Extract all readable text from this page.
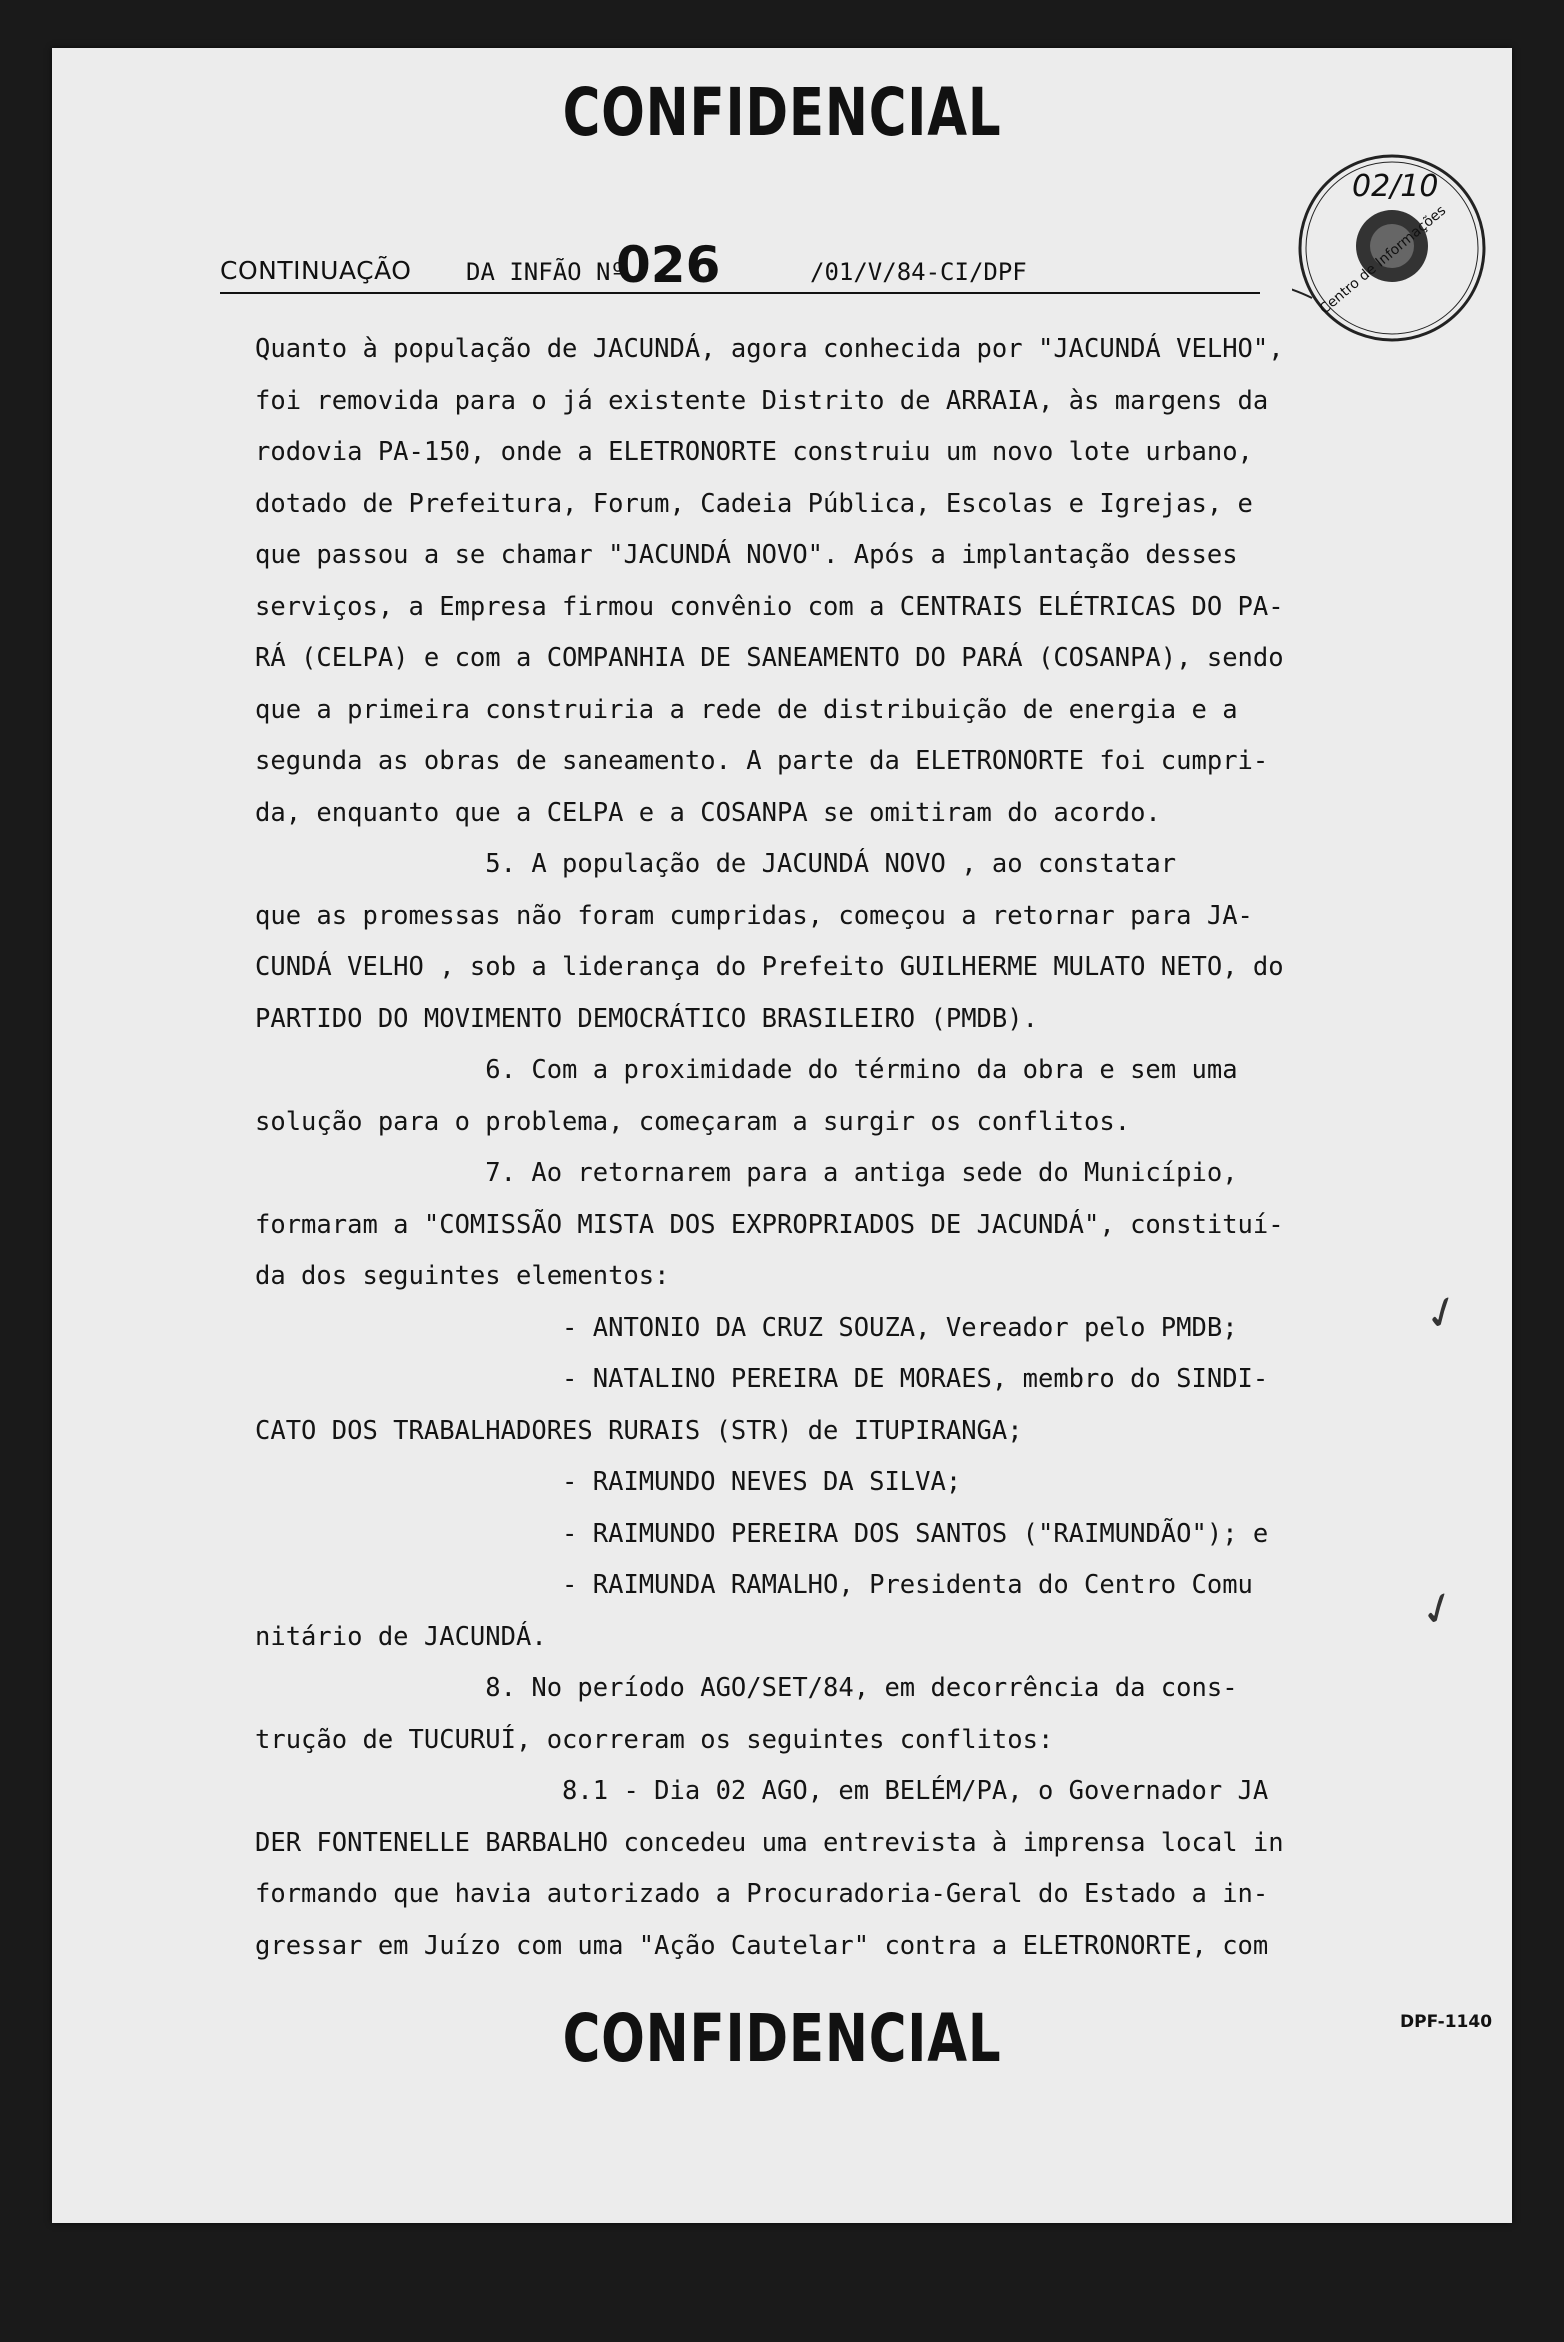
CONFIDENCIAL
02/10
Centro de Informações
CONTINUAÇÃO DA INFÃO Nº
026	/01/V/84-CI/DPF
Quanto à população de JACUNDÁ, agora conhecida por "JACUNDÁ VELHO",
foi removida para o já existente Distrito de ARRAIA, às margens da
rodovia PA-150, onde a ELETRONORTE construiu um novo lote urbano,
dotado de Prefeitura, Forum, Cadeia Pública, Escolas e Igrejas, e
que passou a se chamar "JACUNDÁ NOVO". Após a implantação desses
serviços, a Empresa firmou convênio com a CENTRAIS ELÉTRICAS DO PA-
RÁ (CELPA) e com a COMPANHIA DE SANEAMENTO DO PARÁ (COSANPA), sendo
que a primeira construiria a rede de distribuição de energia e a
segunda as obras de saneamento. A parte da ELETRONORTE foi cumpri-
da, enquanto que a CELPA e a COSANPA se omitiram do acordo.
5. A população de JACUNDÁ NOVO , ao constatar
que as promessas não foram cumpridas, começou a retornar para JA-
CUNDÁ VELHO , sob a liderança do Prefeito GUILHERME MULATO NETO, do
PARTIDO DO MOVIMENTO DEMOCRÁTICO BRASILEIRO (PMDB).
6. Com a proximidade do término da obra e sem uma
solução para o problema, começaram a surgir os conflitos.
7. Ao retornarem para a antiga sede do Município,
formaram a "COMISSÃO MISTA DOS EXPROPRIADOS DE JACUNDÁ", constituí-
da dos seguintes elementos:
- ANTONIO DA CRUZ SOUZA, Vereador pelo PMDB;
- NATALINO PEREIRA DE MORAES, membro do SINDI-
CATO DOS TRABALHADORES RURAIS (STR) de ITUPIRANGA;
- RAIMUNDO NEVES DA SILVA;
- RAIMUNDO PEREIRA DOS SANTOS ("RAIMUNDÃO"); e
- RAIMUNDA RAMALHO, Presidenta do Centro Comu
nitário de JACUNDÁ.
8. No período AGO/SET/84, em decorrência da cons-
trução de TUCURUÍ, ocorreram os seguintes conflitos:
8.1 - Dia 02 AGO, em BELÉM/PA, o Governador JA
DER FONTENELLE BARBALHO concedeu uma entrevista à imprensa local in
formando que havia autorizado a Procuradoria-Geral do Estado a in-
gressar em Juízo com uma "Ação Cautelar" contra a ELETRONORTE, com
✓
✓
CONFIDENCIAL	DPF-1140
